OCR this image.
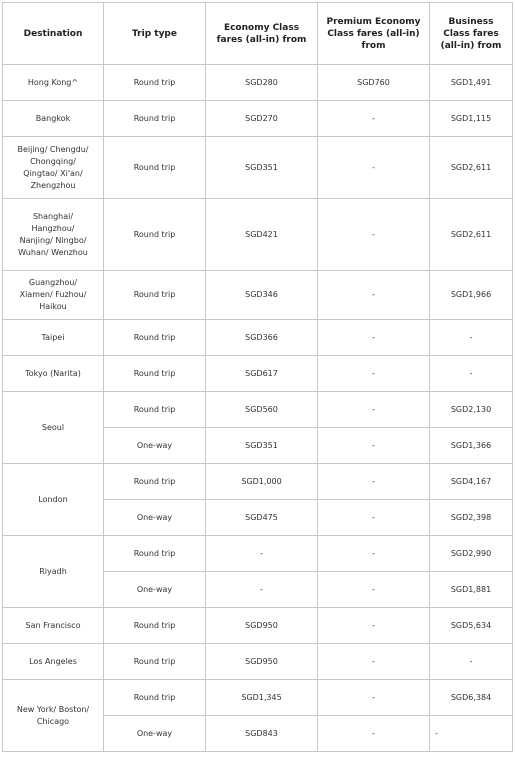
Destination	Trip type	Economy Class fares (all-in) from	Premium Economy Class fares (all-in) from	Business Class fares (all-in) from
Hong Kong^	Round trip	SGD280	SGD760	SGD1,491
Bangkok	Round trip	SGD270	-	SGD1,115
Beijing/ Chengdu/ Chongqing/ Qingtao/ Xi'an/ Zhengzhou	Round trip	SGD351	-	SGD2,611
Shanghai/ Hangzhou/ Nanjing/ Ningbo/ Wuhan/ Wenzhou	Round trip	SGD421	-	SGD2,611
Guangzhou/ Xiamen/ Fuzhou/ Haikou	Round trip	SGD346	-	SGD1,966
Taipei	Round trip	SGD366	-	-
Tokyo (Narita)	Round trip	SGD617	-	-
Seoul	Round trip	SGD560	-	SGD2,130
	One-way	SGD351	-	SGD1,366
London	Round trip	SGD1,000	-	SGD4,167
	One-way	SGD475	-	SGD2,398
Riyadh	Round trip	-	-	SGD2,990
	One-way	-	-	SGD1,881
San Francisco	Round trip	SGD950	-	SGD5,634
Los Angeles	Round trip	SGD950	-	-
New York/ Boston/ Chicago	Round trip	SGD1,345	-	SGD6,384
	One-way	SGD843	-	-
